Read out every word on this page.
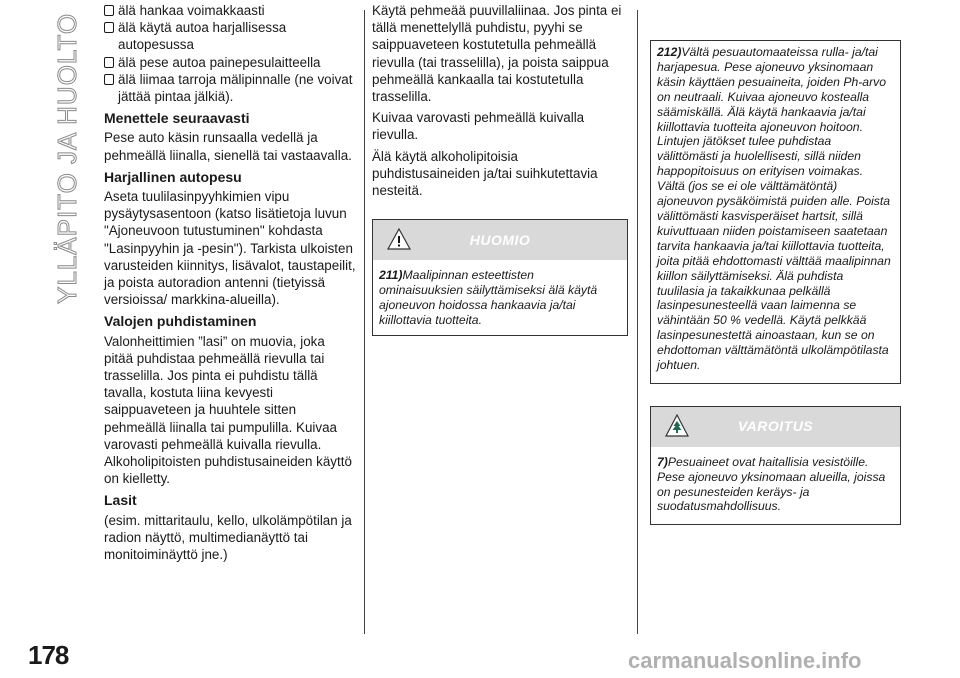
YLLÄPITO JA HUOLTO
178
älä hankaa voimakkaasti
älä käytä autoa harjallisessa autopesussa
älä pese autoa painepesulaitteella
älä liimaa tarroja mälipinnalle (ne voivat jättää pintaa jälkiä).
Menettele seuraavasti

Pese auto käsin runsaalla vedellä ja pehmeällä liinalla, sienellä tai vastaavalla.

Harjallinen autopesu

Aseta tuulilasinpyyhkimien vipu pysäytysasentoon (katso lisätietoja luvun "Ajoneuvoon tutustuminen" kohdasta "Lasinpyyhin ja -pesin"). Tarkista ulkoisten varusteiden kiinnitys, lisävalot, taustapeilit, ja poista autoradion antenni (tietyissä versioissa/ markkina-alueilla).

Valojen puhdistaminen

Valonheittimien ”lasi” on muovia, joka pitää puhdistaa pehmeällä rievulla tai trasselilla. Jos pinta ei puhdistu tällä tavalla, kostuta liina kevyesti saippuaveteen ja huuhtele sitten pehmeällä liinalla tai pumpulilla. Kuivaa varovasti pehmeällä kuivalla rievulla. Alkoholipitoisten puhdistusaineiden käyttö on kielletty.

Lasit

(esim. mittaritaulu, kello, ulkolämpötilan ja radion näyttö, multimedianäyttö tai monitoiminäyttö jne.)

Käytä pehmeää puuvillaliinaa. Jos pinta ei tällä menettelyllä puhdistu, pyyhi se saippuaveteen kostutetulla pehmeällä rievulla (tai trasselilla), ja poista saippua pehmeällä kankaalla tai kostutetulla trasselilla.

Kuivaa varovasti pehmeällä kuivalla rievulla.

Älä käytä alkoholipitoisia puhdistusaineiden ja/tai suihkutettavia nesteitä.

HUOMIO
211)Maalipinnan esteettisten ominaisuuksien säilyttämiseksi älä käytä ajoneuvon hoidossa hankaavia ja/tai kiillottavia tuotteita.
212)Vältä pesuautomaateissa rulla- ja/tai harjapesua. Pese ajoneuvo yksinomaan käsin käyttäen pesuaineita, joiden Ph-arvo on neutraali. Kuivaa ajoneuvo kostealla säämiskällä. Älä käytä hankaavia ja/tai kiillottavia tuotteita ajoneuvon hoitoon. Lintujen jätökset tulee puhdistaa välittömästi ja huolellisesti, sillä niiden happopitoisuus on erityisen voimakas. Vältä (jos se ei ole välttämätöntä) ajoneuvon pysäköimistä puiden alle. Poista välittömästi kasvisperäiset hartsit, sillä kuivuttuaan niiden poistamiseen saatetaan tarvita hankaavia ja/tai kiillottavia tuotteita, joita pitää ehdottomasti välttää maalipinnan kiillon säilyttämiseksi. Älä puhdista tuulilasia ja takaikkunaa pelkällä lasinpesunesteellä vaan laimenna se vähintään 50 % vedellä. Käytä pelkkää lasinpesunestettä ainoastaan, kun se on ehdottoman välttämätöntä ulkolämpötilasta johtuen.
VAROITUS
7)Pesuaineet ovat haitallisia vesistöille. Pese ajoneuvo yksinomaan alueilla, joissa on pesunesteiden keräys- ja suodatusmahdollisuus.
carmanualsonline.info
